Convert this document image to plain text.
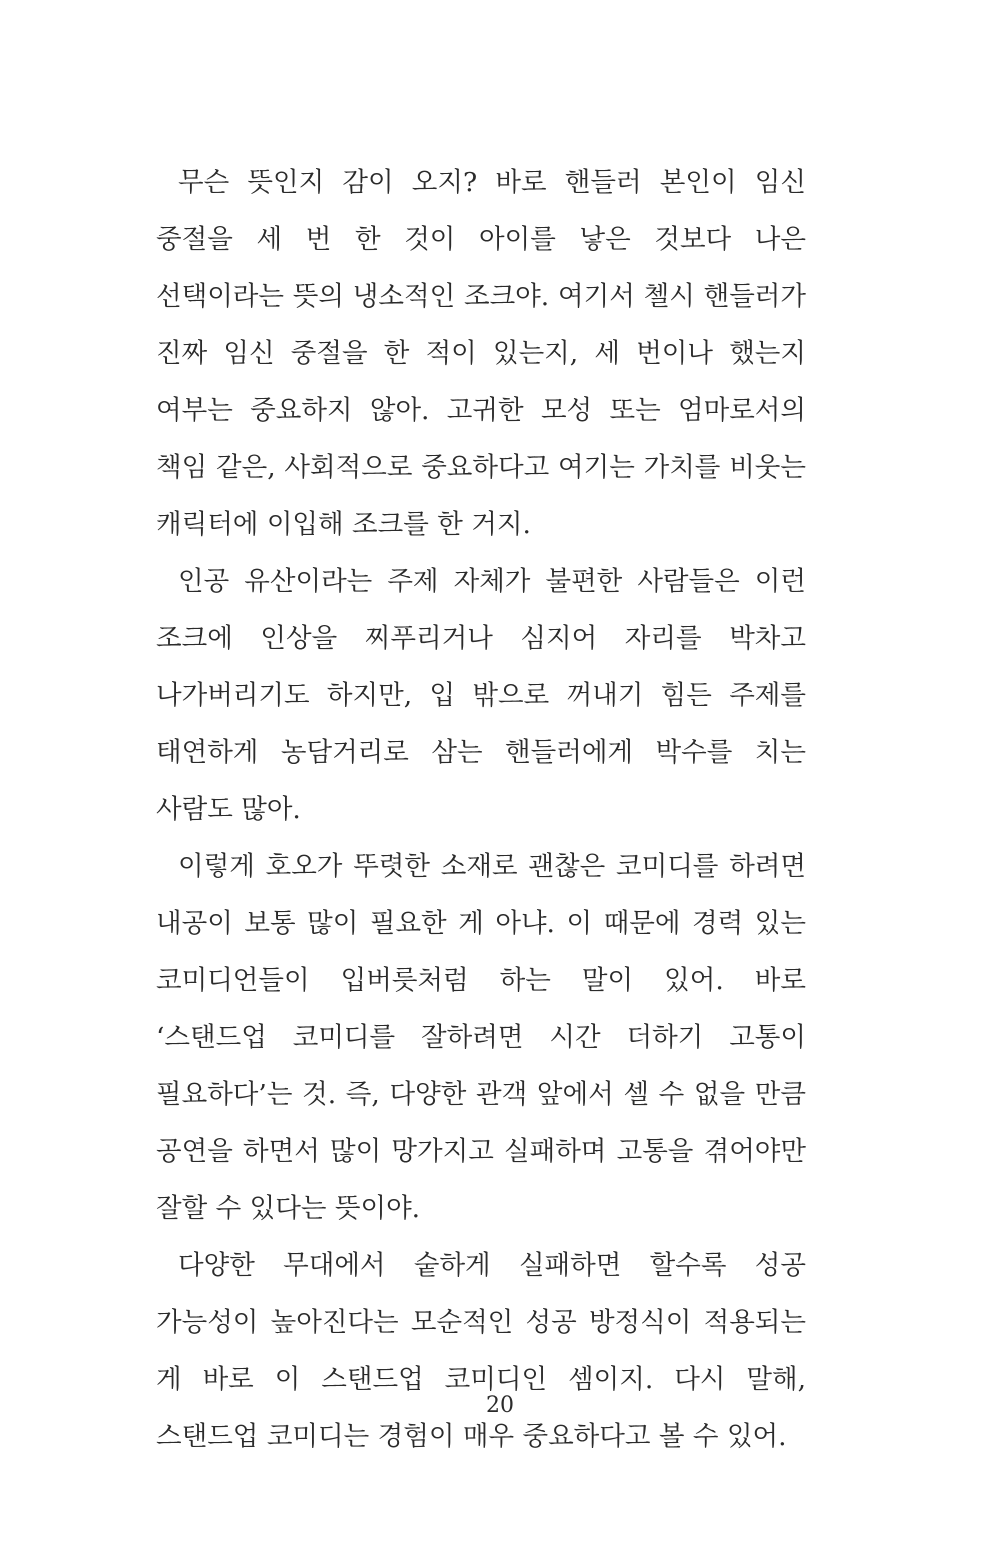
무슨 뜻인지 감이 오지? 바로 핸들러 본인이 임신 중절을 세 번 한 것이 아이를 낳은 것보다 나은 선택이라는 뜻의 냉소적인 조크야. 여기서 첼시 핸들러가 진짜 임신 중절을 한 적이 있는지, 세 번이나 했는지 여부는 중요하지 않아. 고귀한 모성 또는 엄마로서의 책임 같은, 사회적으로 중요하다고 여기는 가치를 비웃는 캐릭터에 이입해 조크를 한 거지.

인공 유산이라는 주제 자체가 불편한 사람들은 이런 조크에 인상을 찌푸리거나 심지어 자리를 박차고 나가버리기도 하지만, 입 밖으로 꺼내기 힘든 주제를 태연하게 농담거리로 삼는 핸들러에게 박수를 치는 사람도 많아.

이렇게 호오가 뚜렷한 소재로 괜찮은 코미디를 하려면 내공이 보통 많이 필요한 게 아냐. 이 때문에 경력 있는 코미디언들이 입버릇처럼 하는 말이 있어. 바로 ‘스탠드업 코미디를 잘하려면 시간 더하기 고통이 필요하다’는 것. 즉, 다양한 관객 앞에서 셀 수 없을 만큼 공연을 하면서 많이 망가지고 실패하며 고통을 겪어야만 잘할 수 있다는 뜻이야.

다양한 무대에서 숱하게 실패하면 할수록 성공 가능성이 높아진다는 모순적인 성공 방정식이 적용되는 게 바로 이 스탠드업 코미디인 셈이지. 다시 말해, 스탠드업 코미디는 경험이 매우 중요하다고 볼 수 있어.

20
